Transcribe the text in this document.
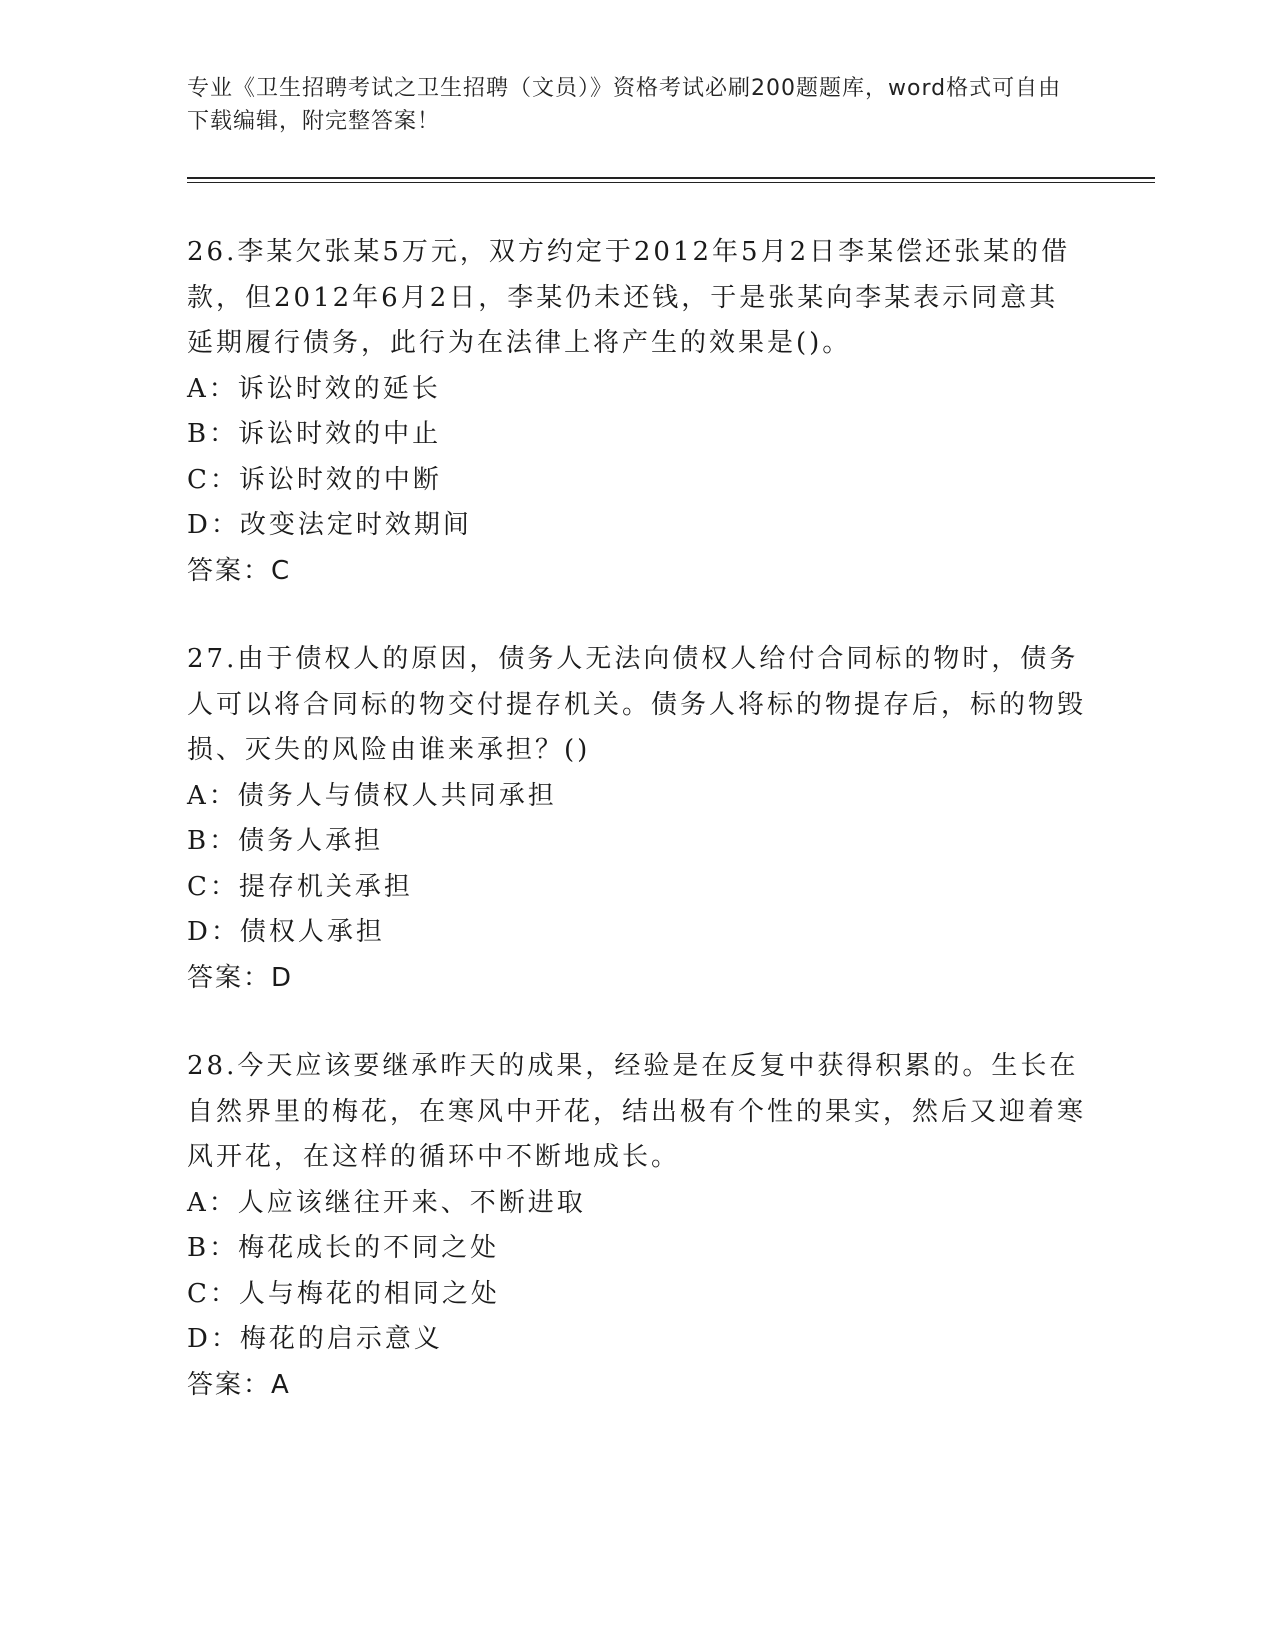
专业《卫生招聘考试之卫生招聘（文员）》资格考试必刷200题题库，word格式可自由下载编辑，附完整答案！

26.李某欠张某5万元，双方约定于2012年5月2日李某偿还张某的借款，但2012年6月2日，李某仍未还钱，于是张某向李某表示同意其延期履行债务，此行为在法律上将产生的效果是()。

A：诉讼时效的延长

B：诉讼时效的中止

C：诉讼时效的中断

D：改变法定时效期间

答案：C

27.由于债权人的原因，债务人无法向债权人给付合同标的物时，债务人可以将合同标的物交付提存机关。债务人将标的物提存后，标的物毁损、灭失的风险由谁来承担？()

A：债务人与债权人共同承担

B：债务人承担

C：提存机关承担

D：债权人承担

答案：D

28.今天应该要继承昨天的成果，经验是在反复中获得积累的。生长在自然界里的梅花，在寒风中开花，结出极有个性的果实，然后又迎着寒风开花，在这样的循环中不断地成长。

A：人应该继往开来、不断进取

B：梅花成长的不同之处

C：人与梅花的相同之处

D：梅花的启示意义

答案：A
